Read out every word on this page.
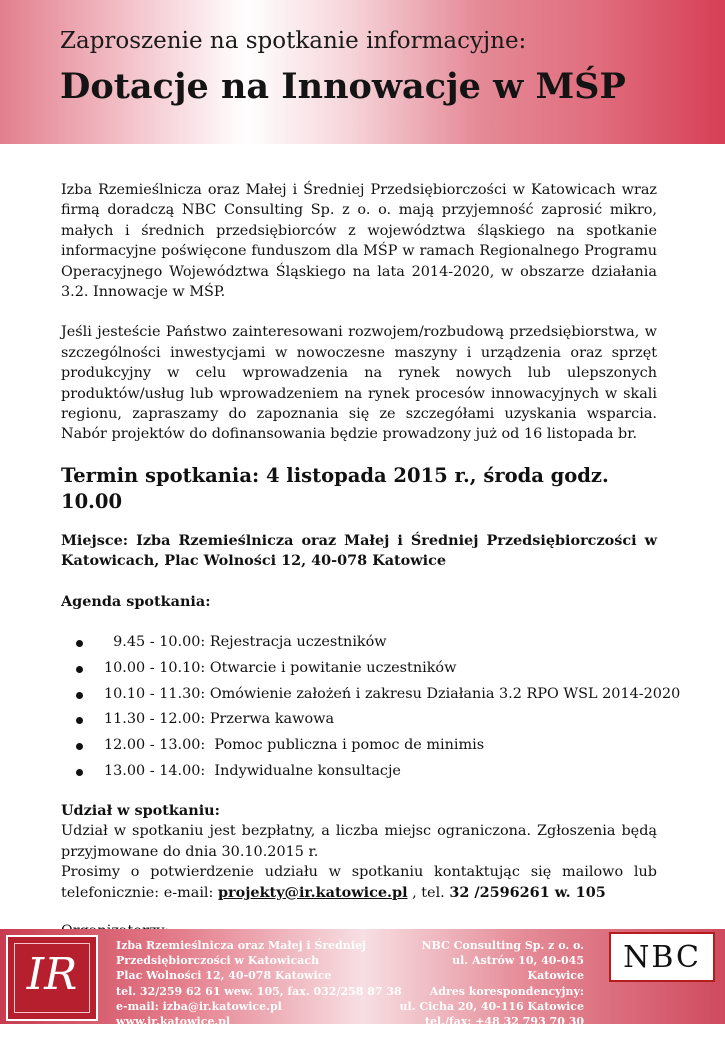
Zaproszenie na spotkanie informacyjne:
Dotacje na Innowacje w MŚP

Izba Rzemieślnicza oraz Małej i Średniej Przedsiębiorczości w Katowicach wraz firmą doradczą NBC Consulting Sp. z o. o. mają przyjemność zaprosić mikro, małych i średnich przedsiębiorców z województwa śląskiego na spotkanie informacyjne poświęcone funduszom dla MŚP w ramach Regionalnego Programu Operacyjnego Województwa Śląskiego na lata 2014-2020, w obszarze działania 3.2. Innowacje w MŚP.

Jeśli jesteście Państwo zainteresowani rozwojem/rozbudową przedsiębiorstwa, w szczególności inwestycjami w nowoczesne maszyny i urządzenia oraz sprzęt produkcyjny w celu wprowadzenia na rynek nowych lub ulepszonych produktów/usług lub wprowadzeniem na rynek procesów innowacyjnych w skali regionu, zapraszamy do zapoznania się ze szczegółami uzyskania wsparcia. Nabór projektów do dofinansowania będzie prowadzony już od 16 listopada br.

Termin spotkania: 4 listopada 2015 r., środa godz. 10.00

Miejsce: Izba Rzemieślnicza oraz Małej i Średniej Przedsiębiorczości w Katowicach, Plac Wolności 12, 40-078 Katowice

Agenda spotkania:

9.45 - 10.00: Rejestracja uczestników
10.00 - 10.10: Otwarcie i powitanie uczestników
10.10 - 11.30: Omówienie założeń i zakresu Działania 3.2 RPO WSL 2014-2020
11.30 - 12.00: Przerwa kawowa
12.00 - 13.00:  Pomoc publiczna i pomoc de minimis
13.00 - 14.00:  Indywidualne konsultacje

Udział w spotkaniu:

Udział w spotkaniu jest bezpłatny, a liczba miejsc ograniczona. Zgłoszenia będą przyjmowane do dnia 30.10.2015 r.

Prosimy o potwierdzenie udziału w spotkaniu kontaktując się mailowo lub telefonicznie: e-mail: projekty@ir.katowice.pl , tel. 32 /2596261 w. 105

IR
Izba Rzemieślnicza oraz Małej i Średniej
Przedsiębiorczości w Katowicach
Plac Wolności 12, 40-078 Katowice
tel. 32/259 62 61 wew. 105, fax. 032/258 87 38
e-mail: izba@ir.katowice.pl
www.ir.katowice.pl
NBC Consulting Sp. z o. o.
ul. Astrów 10, 40-045 Katowice
Adres korespondencyjny:
ul. Cicha 20, 40-116 Katowice
tel./fax: +48 32 793 70 30
e-mail: biuro@nbcconsulting.pl
NBC
